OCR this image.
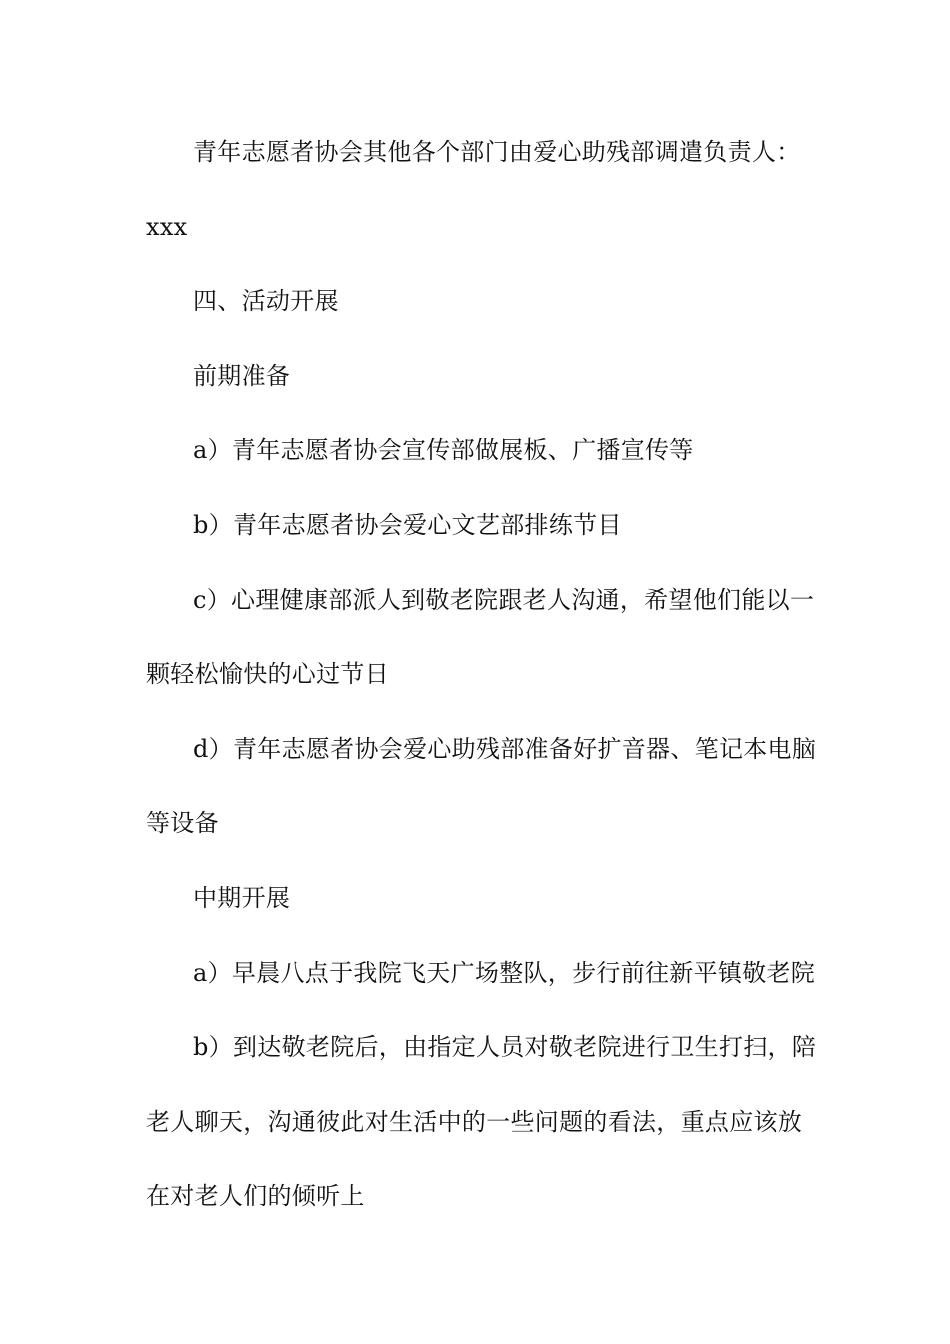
青年志愿者协会其他各个部门由爱心助残部调遣负责人：
xxx
四、活动开展
前期准备
a）青年志愿者协会宣传部做展板、广播宣传等
b）青年志愿者协会爱心文艺部排练节目
c）心理健康部派人到敬老院跟老人沟通，希望他们能以一
颗轻松愉快的心过节日
d）青年志愿者协会爱心助残部准备好扩音器、笔记本电脑
等设备
中期开展
a）早晨八点于我院飞天广场整队，步行前往新平镇敬老院
b）到达敬老院后，由指定人员对敬老院进行卫生打扫，陪
老人聊天，沟通彼此对生活中的一些问题的看法，重点应该放
在对老人们的倾听上
